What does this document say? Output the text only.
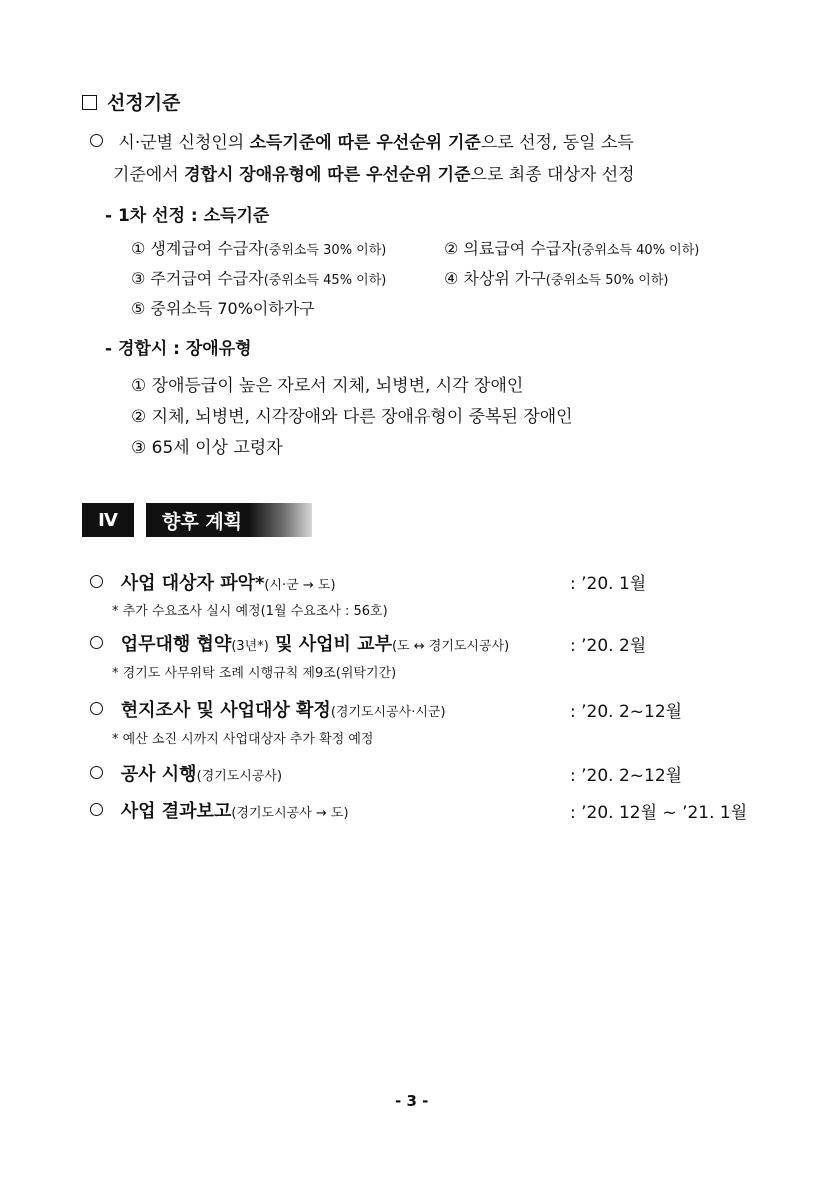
선정기준
시·군별 신청인의 소득기준에 따른 우선순위 기준으로 선정, 동일 소득
기준에서 경합시 장애유형에 따른 우선순위 기준으로 최종 대상자 선정
- 1차 선정 : 소득기준
① 생계급여 수급자(중위소득 30% 이하)	② 의료급여 수급자(중위소득 40% 이하)
③ 주거급여 수급자(중위소득 45% 이하)	④ 차상위 가구(중위소득 50% 이하)
⑤ 중위소득 70%이하가구
- 경합시 : 장애유형
① 장애등급이 높은 자로서 지체, 뇌병변, 시각 장애인
② 지체, 뇌병변, 시각장애와 다른 장애유형이 중복된 장애인
③ 65세 이상 고령자
Ⅳ	향후 계획
사업 대상자 파악*(시·군 → 도)	: ’20. 1월
* 추가 수요조사 실시 예정(1월 수요조사 : 56호)
업무대행 협약(3년*) 및 사업비 교부(도 ↔ 경기도시공사)	: ’20. 2월
* 경기도 사무위탁 조례 시행규칙 제9조(위탁기간)
현지조사 및 사업대상 확정(경기도시공사·시군)	: ’20. 2~12월
* 예산 소진 시까지 사업대상자 추가 확정 예정
공사 시행(경기도시공사)	: ’20. 2~12월
사업 결과보고(경기도시공사 → 도)	: ’20. 12월 ~ ’21. 1월
- 3 -
